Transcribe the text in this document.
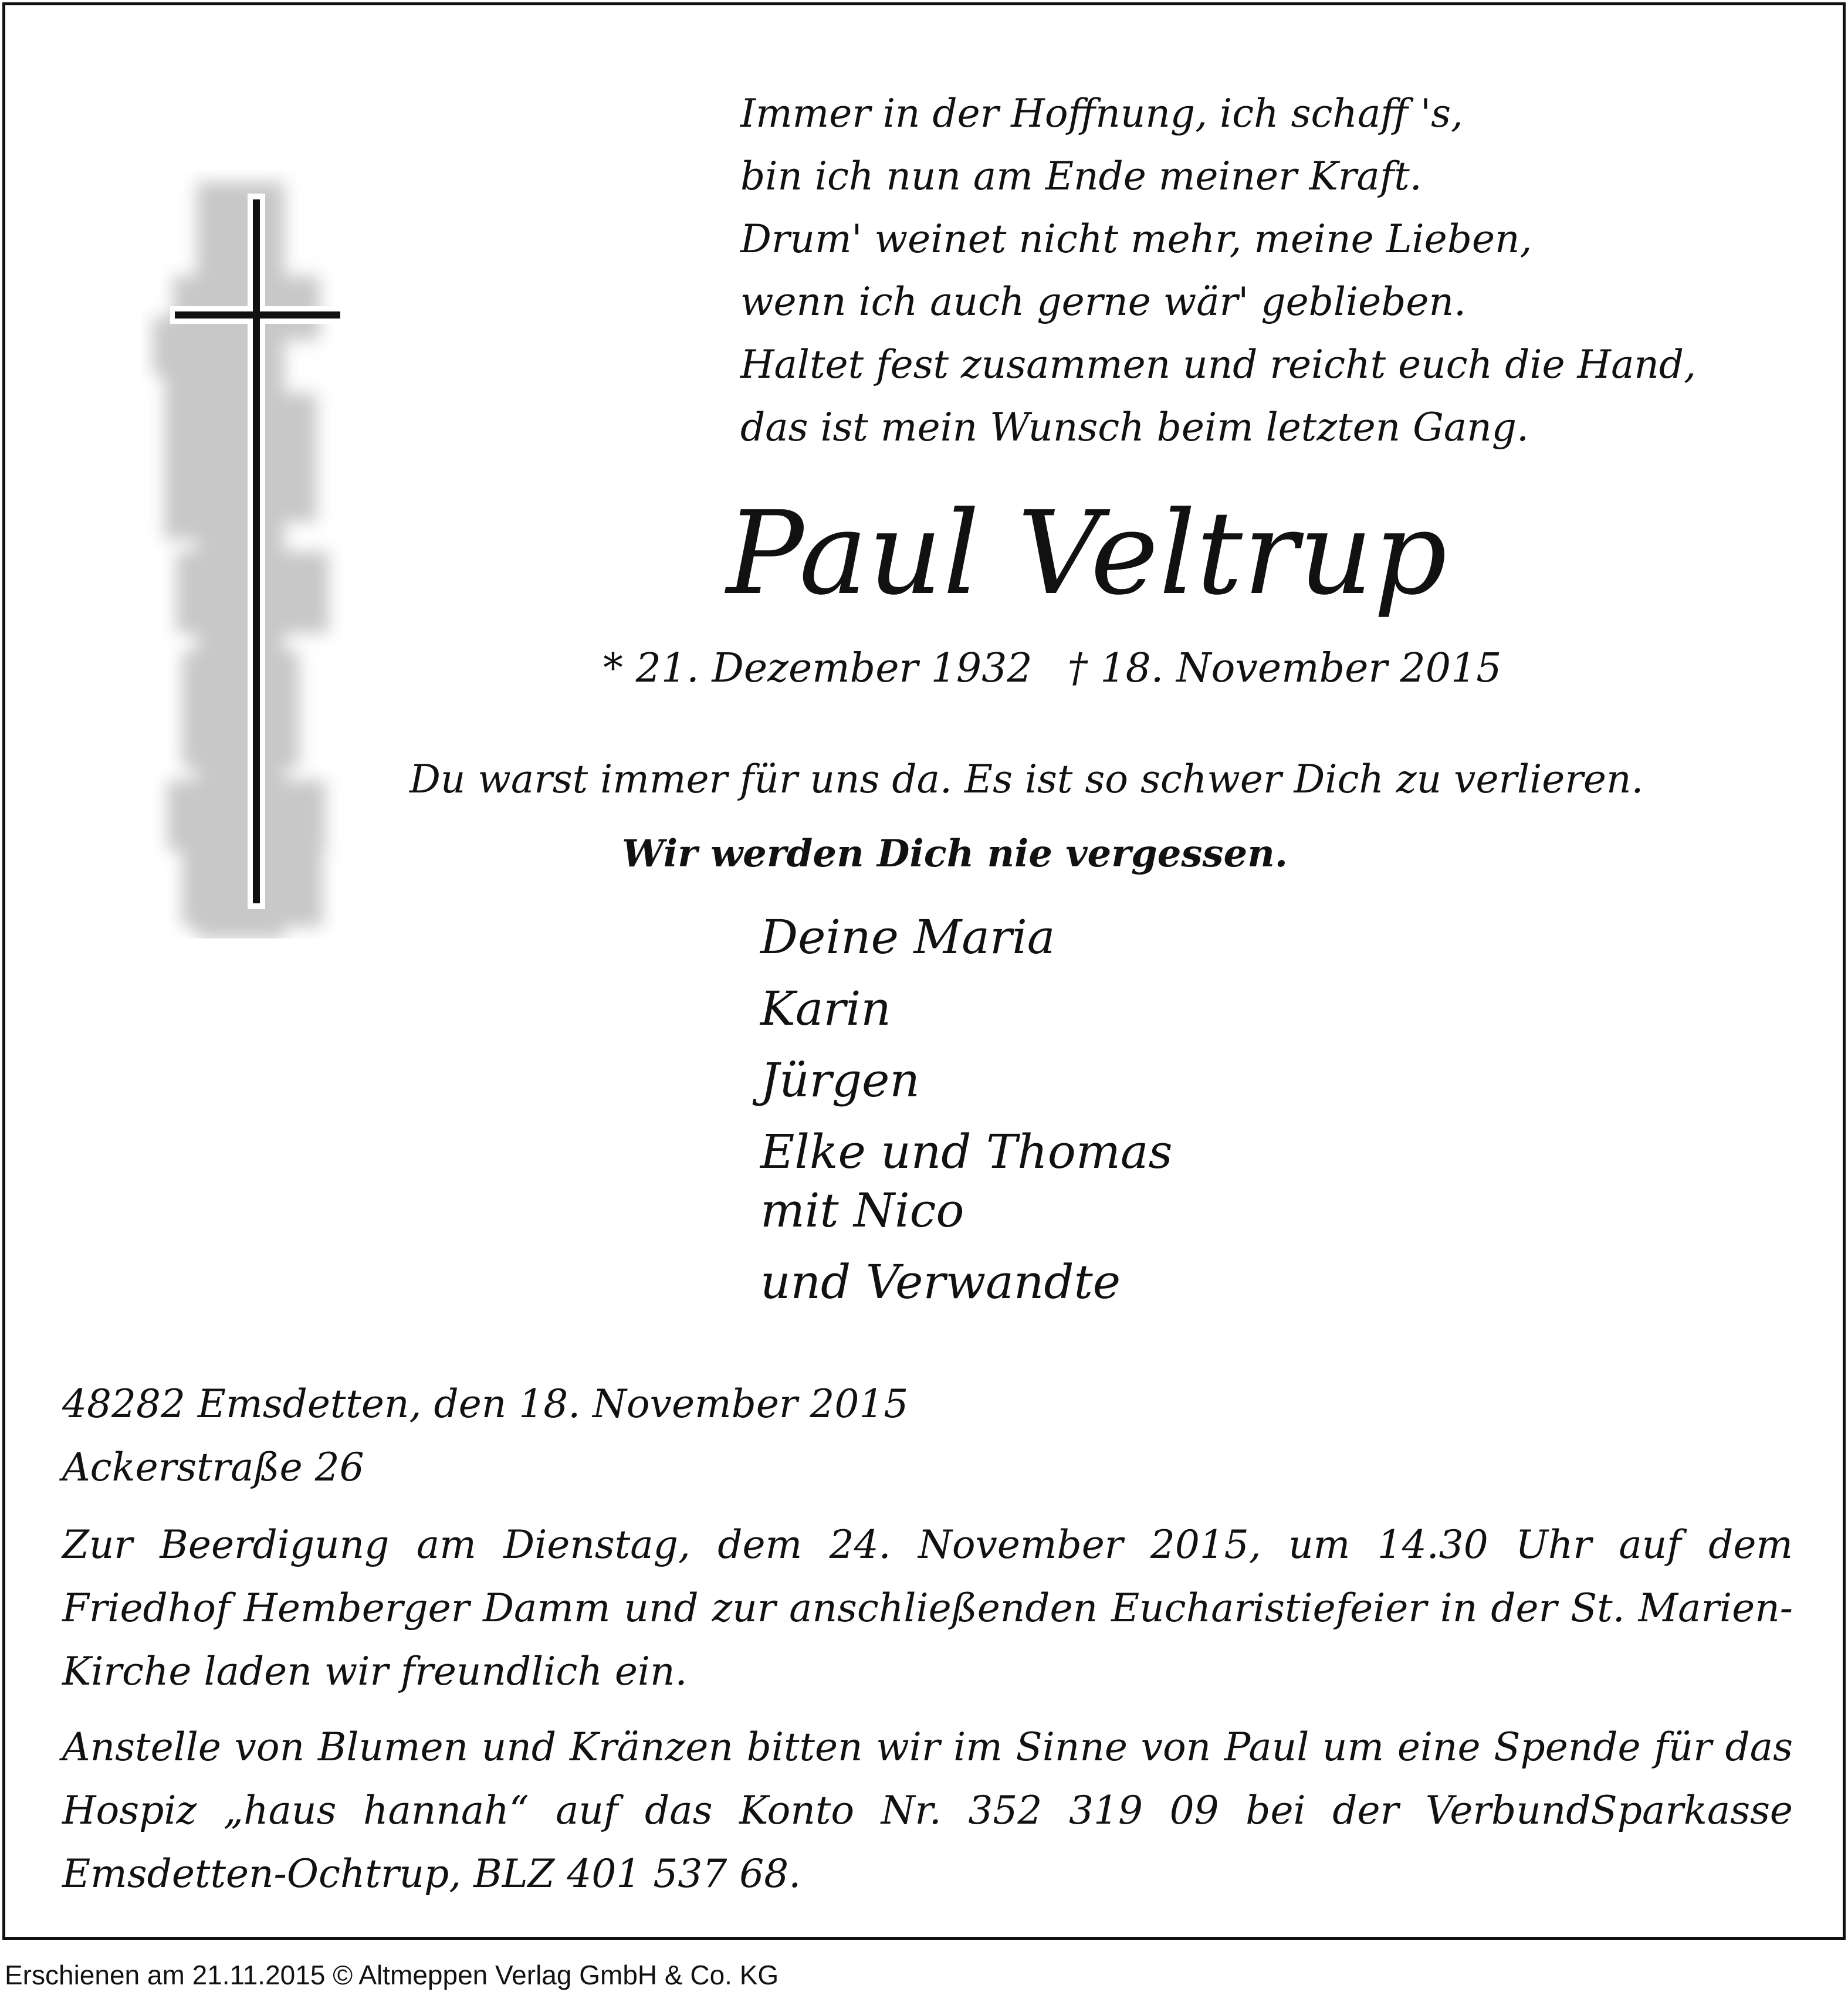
Immer in der Hoffnung, ich schaff 's,
bin ich nun am Ende meiner Kraft.
Drum' weinet nicht mehr, meine Lieben,
wenn ich auch gerne wär' geblieben.
Haltet fest zusammen und reicht euch die Hand,
das ist mein Wunsch beim letzten Gang.
Paul Veltrup
* 21. Dezember 1932 † 18. November 2015
Du warst immer für uns da. Es ist so schwer Dich zu verlieren.
Wir werden Dich nie vergessen.
Deine Maria
Karin
Jürgen
Elke und Thomas
mit Nico
und Verwandte
48282 Emsdetten, den 18. November 2015
Ackerstraße 26
Zur Beerdigung am Dienstag, dem 24. November 2015, um 14.30 Uhr auf dem Friedhof Hemberger Damm und zur anschließenden Eucharistiefeier in der St. Marien-Kirche laden wir freundlich ein.
Anstelle von Blumen und Kränzen bitten wir im Sinne von Paul um eine Spende für das Hospiz „haus hannah“ auf das Konto Nr. 352 319 09 bei der VerbundSparkasse Emsdetten-Ochtrup, BLZ 401 537 68.
Erschienen am 21.11.2015 © Altmeppen Verlag GmbH & Co. KG
